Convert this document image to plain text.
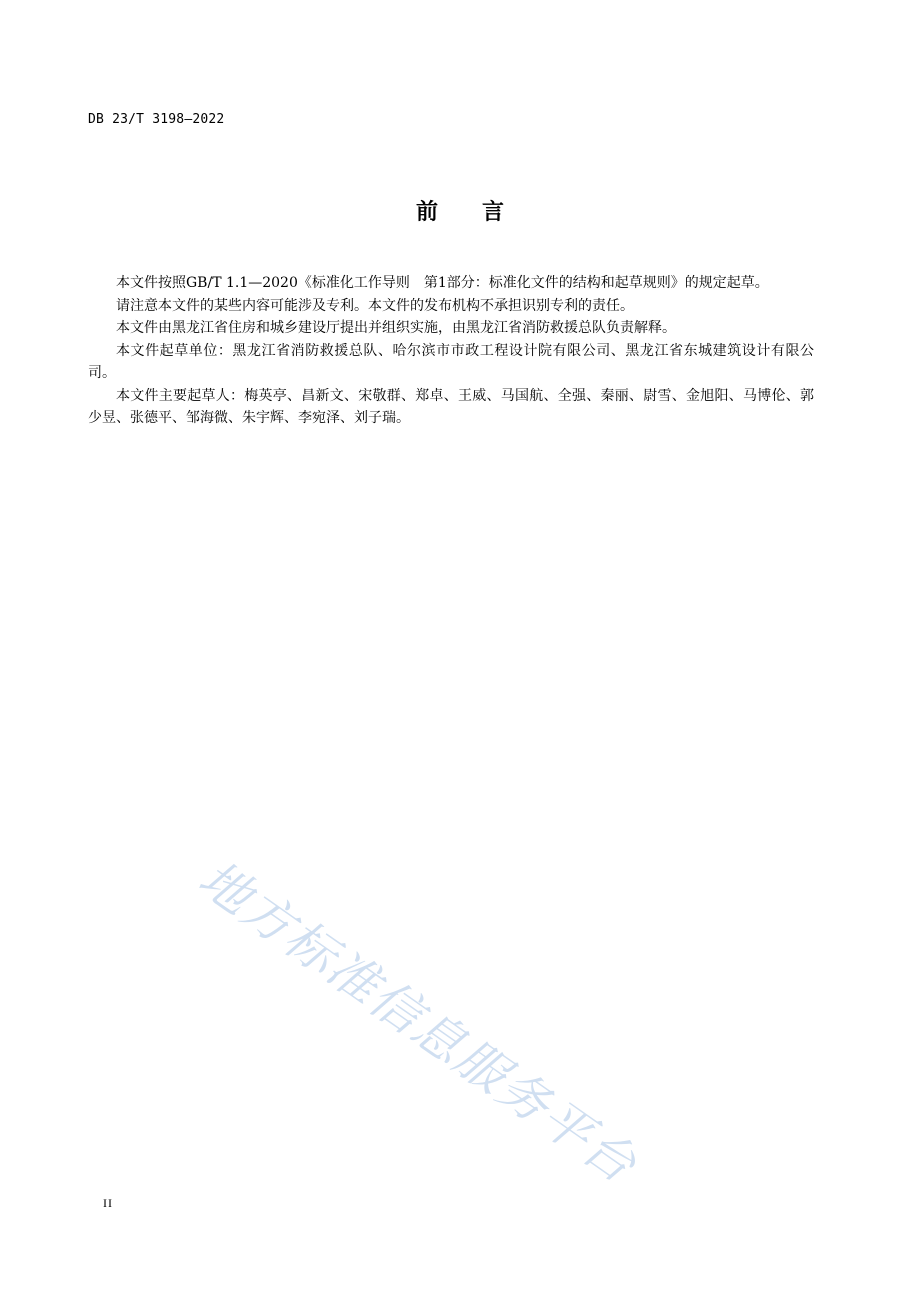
DB 23/T 3198—2022
前 言

本文件按照GB/T 1.1—2020《标准化工作导则　第1部分：标准化文件的结构和起草规则》的规定起草。

请注意本文件的某些内容可能涉及专利。本文件的发布机构不承担识别专利的责任。

本文件由黑龙江省住房和城乡建设厅提出并组织实施，由黑龙江省消防救援总队负责解释。

本文件起草单位：黑龙江省消防救援总队、哈尔滨市市政工程设计院有限公司、黑龙江省东城建筑设计有限公司。

本文件主要起草人：梅英亭、昌新文、宋敬群、郑卓、王威、马国航、全强、秦丽、尉雪、金旭阳、马博伦、郭少昱、张德平、邹海微、朱宇辉、李宛泽、刘子瑞。

地方标准信息服务平台
II
